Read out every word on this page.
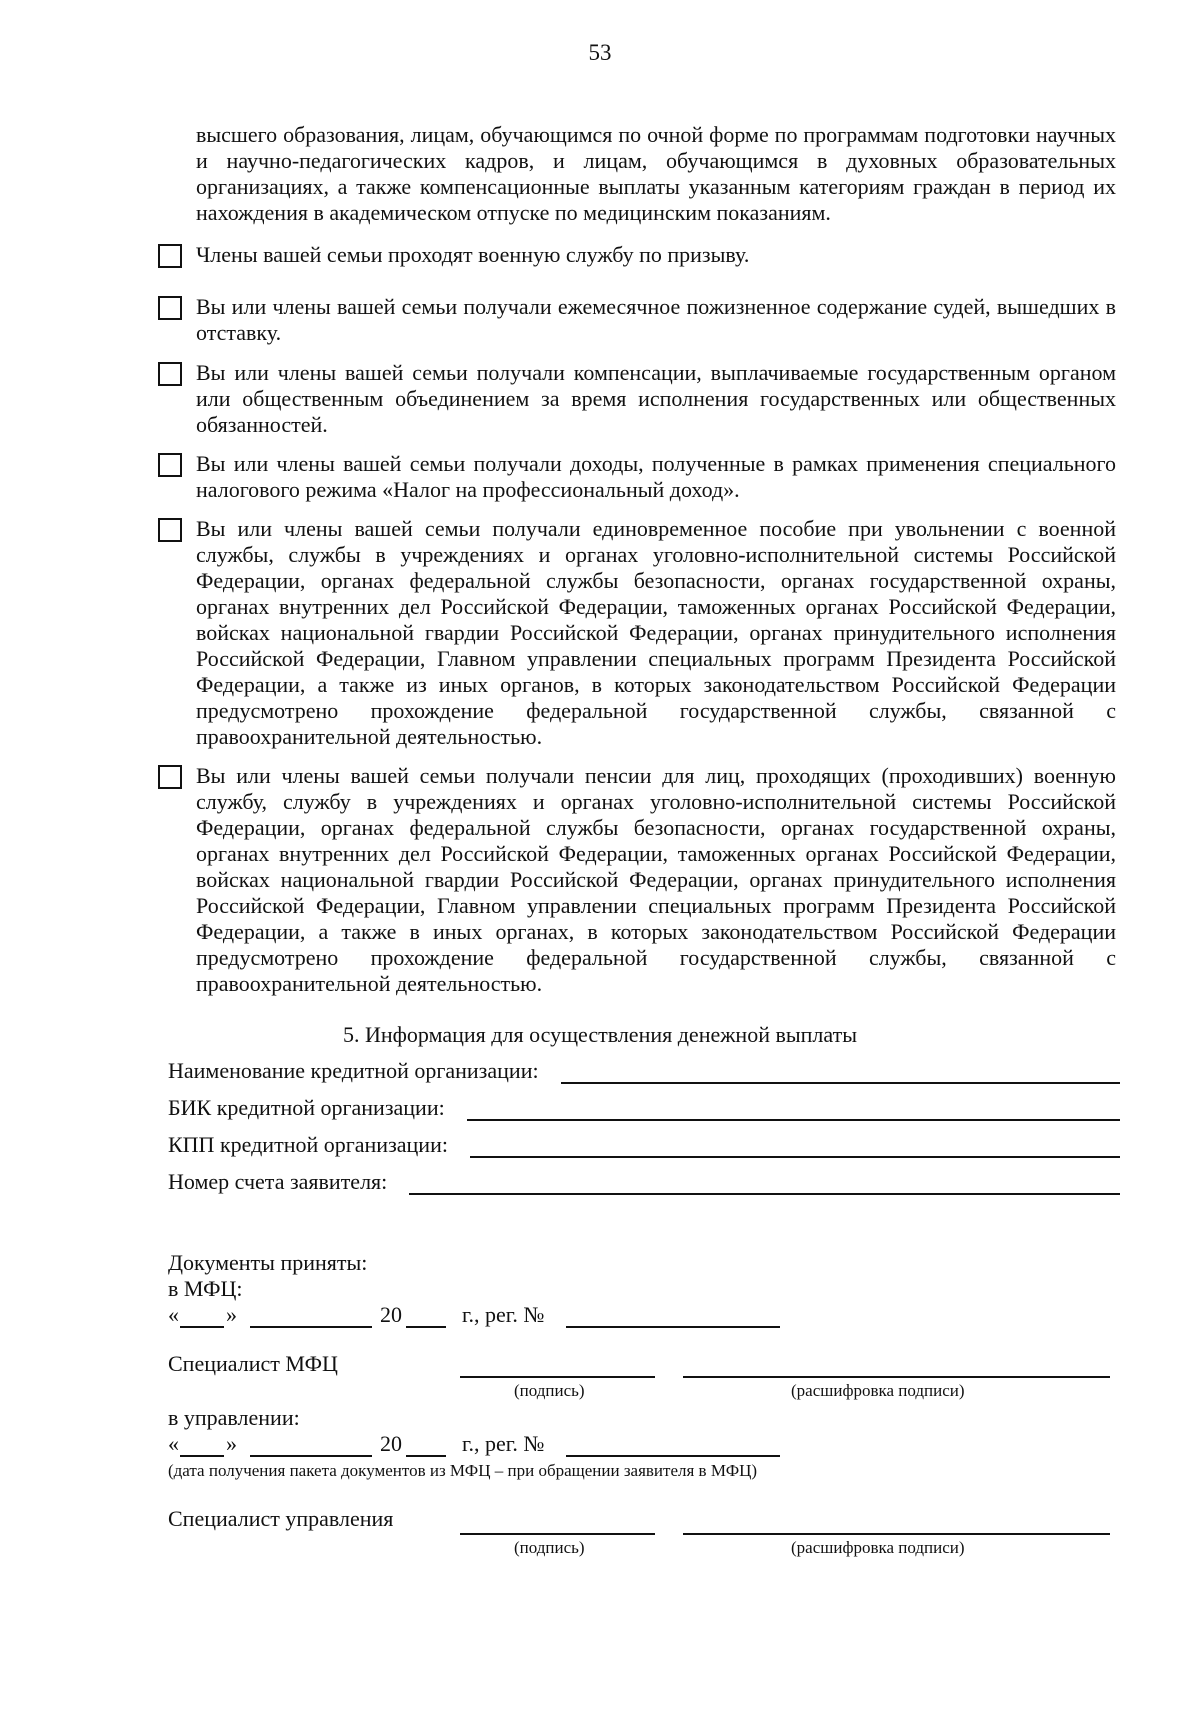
53
высшего образования, лицам, обучающимся по очной форме по программам подготовки научных и научно-педагогических кадров, и лицам, обучающимся в духовных образовательных организациях, а также компенсационные выплаты указанным категориям граждан в период их нахождения в академическом отпуске по медицинским показаниям.
Члены вашей семьи проходят военную службу по призыву.
Вы или члены вашей семьи получали ежемесячное пожизненное содержание судей, вышедших в отставку.
Вы или члены вашей семьи получали компенсации, выплачиваемые государственным органом или общественным объединением за время исполнения государственных или общественных обязанностей.
Вы или члены вашей семьи получали доходы, полученные в рамках применения специального налогового режима «Налог на профессиональный доход».
Вы или члены вашей семьи получали единовременное пособие при увольнении с военной службы, службы в учреждениях и органах уголовно-исполнительной системы Российской Федерации, органах федеральной службы безопасности, органах государственной охраны, органах внутренних дел Российской Федерации, таможенных органах Российской Федерации, войсках национальной гвардии Российской Федерации, органах принудительного исполнения Российской Федерации, Главном управлении специальных программ Президента Российской Федерации, а также из иных органов, в которых законодательством Российской Федерации предусмотрено прохождение федеральной государственной службы, связанной с правоохранительной деятельностью.
Вы или члены вашей семьи получали пенсии для лиц, проходящих (проходивших) военную службу, службу в учреждениях и органах уголовно-исполнительной системы Российской Федерации, органах федеральной службы безопасности, органах государственной охраны, органах внутренних дел Российской Федерации, таможенных органах Российской Федерации, войсках национальной гвардии Российской Федерации, органах принудительного исполнения Российской Федерации, Главном управлении специальных программ Президента Российской Федерации, а также в иных органах, в которых законодательством Российской Федерации предусмотрено прохождение федеральной государственной службы, связанной с правоохранительной деятельностью.
5. Информация для осуществления денежной выплаты
Наименование кредитной организации:
БИК кредитной организации:
КПП кредитной организации:
Номер счета заявителя:
Документы приняты:
в МФЦ:
« »	20	г., рег. №
Специалист МФЦ
(подпись)	(расшифровка подписи)
в управлении:
« »	20	г., рег. №
(дата получения пакета документов из МФЦ – при обращении заявителя в МФЦ)
Специалист управления
(подпись)	(расшифровка подписи)
